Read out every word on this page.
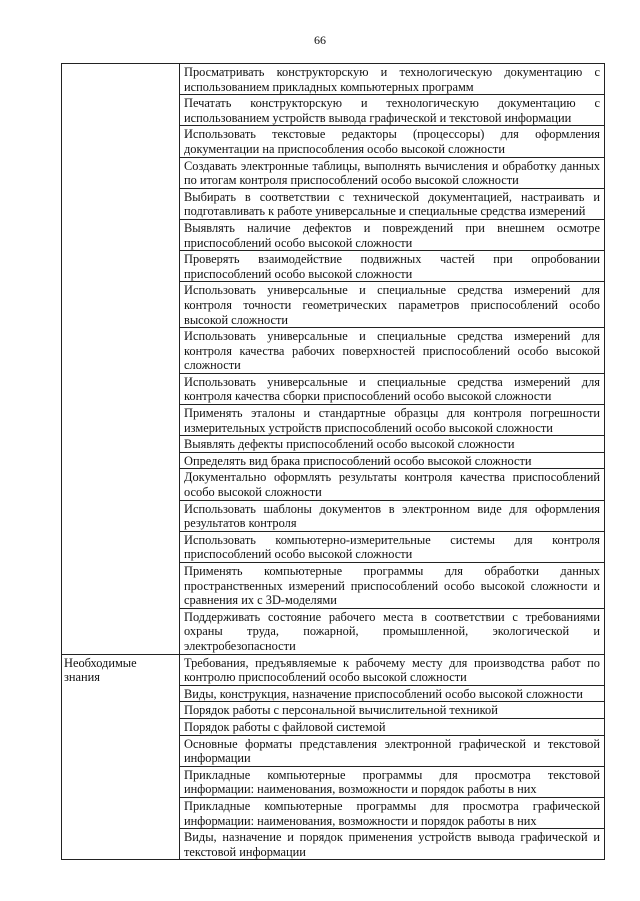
66
	Просматривать конструкторскую и технологическую документацию с использованием прикладных компьютерных программ
	Печатать конструкторскую и технологическую документацию с использованием устройств вывода графической и текстовой информации
	Использовать текстовые редакторы (процессоры) для оформления документации на приспособления особо высокой сложности
	Создавать электронные таблицы, выполнять вычисления и обработку данных по итогам контроля приспособлений особо высокой сложности
	Выбирать в соответствии с технической документацией, настраивать и подготавливать к работе универсальные и специальные средства измерений
	Выявлять наличие дефектов и повреждений при внешнем осмотре приспособлений особо высокой сложности
	Проверять взаимодействие подвижных частей при опробовании приспособлений особо высокой сложности
	Использовать универсальные и специальные средства измерений для контроля точности геометрических параметров приспособлений особо высокой сложности
	Использовать универсальные и специальные средства измерений для контроля качества рабочих поверхностей приспособлений особо высокой сложности
	Использовать универсальные и специальные средства измерений для контроля качества сборки приспособлений особо высокой сложности
	Применять эталоны и стандартные образцы для контроля погрешности измерительных устройств приспособлений особо высокой сложности
	Выявлять дефекты приспособлений особо высокой сложности
	Определять вид брака приспособлений особо высокой сложности
	Документально оформлять результаты контроля качества приспособлений особо высокой сложности
	Использовать шаблоны документов в электронном виде для оформления результатов контроля
	Использовать компьютерно-измерительные системы для контроля приспособлений особо высокой сложности
	Применять компьютерные программы для обработки данных пространственных измерений приспособлений особо высокой сложности и сравнения их с 3D-моделями
	Поддерживать состояние рабочего места в соответствии с требованиями охраны труда, пожарной, промышленной, экологической и электробезопасности
Необходимые знания	Требования, предъявляемые к рабочему месту для производства работ по контролю приспособлений особо высокой сложности
	Виды, конструкция, назначение приспособлений особо высокой сложности
	Порядок работы с персональной вычислительной техникой
	Порядок работы с файловой системой
	Основные форматы представления электронной графической и текстовой информации
	Прикладные компьютерные программы для просмотра текстовой информации: наименования, возможности и порядок работы в них
	Прикладные компьютерные программы для просмотра графической информации: наименования, возможности и порядок работы в них
	Виды, назначение и порядок применения устройств вывода графической и текстовой информации
